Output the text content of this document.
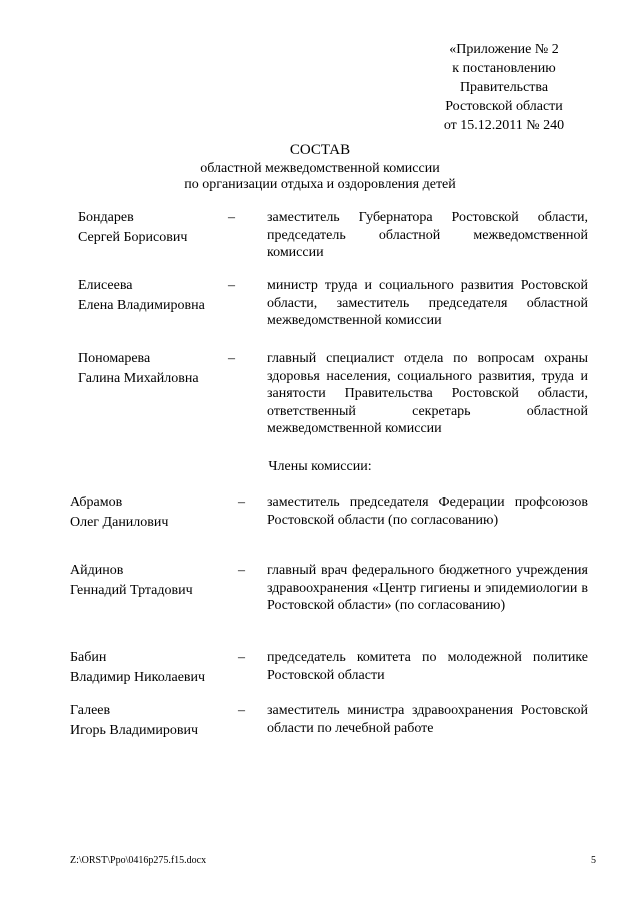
«Приложение № 2
к постановлению
Правительства
Ростовской области
от 15.12.2011 № 240
СОСТАВ
областной межведомственной комиссии
по организации отдыха и оздоровления детей
Бондарев
Сергей Борисович
– заместитель Губернатора Ростовской области, председатель областной межведомственной комиссии
Елисеева
Елена Владимировна
– министр труда и социального развития Ростовской области, заместитель председателя областной межведомственной комиссии
Пономарева
Галина Михайловна
– главный специалист отдела по вопросам охраны здоровья населения, социального развития, труда и занятости Правительства Ростовской области, ответственный секретарь областной межведомственной комиссии
Члены комиссии:
Абрамов
Олег Данилович
– заместитель председателя Федерации профсоюзов Ростовской области (по согласованию)
Айдинов
Геннадий Тртадович
– главный врач федерального бюджетного учреждения здравоохранения «Центр гигиены и эпидемиологии в Ростовской области» (по согласованию)
Бабин
Владимир Николаевич
– председатель комитета по молодежной политике Ростовской области
Галеев
Игорь Владимирович
– заместитель министра здравоохранения Ростовской области по лечебной работе
Z:\ORST\Ppo\0416p275.f15.docx	5
